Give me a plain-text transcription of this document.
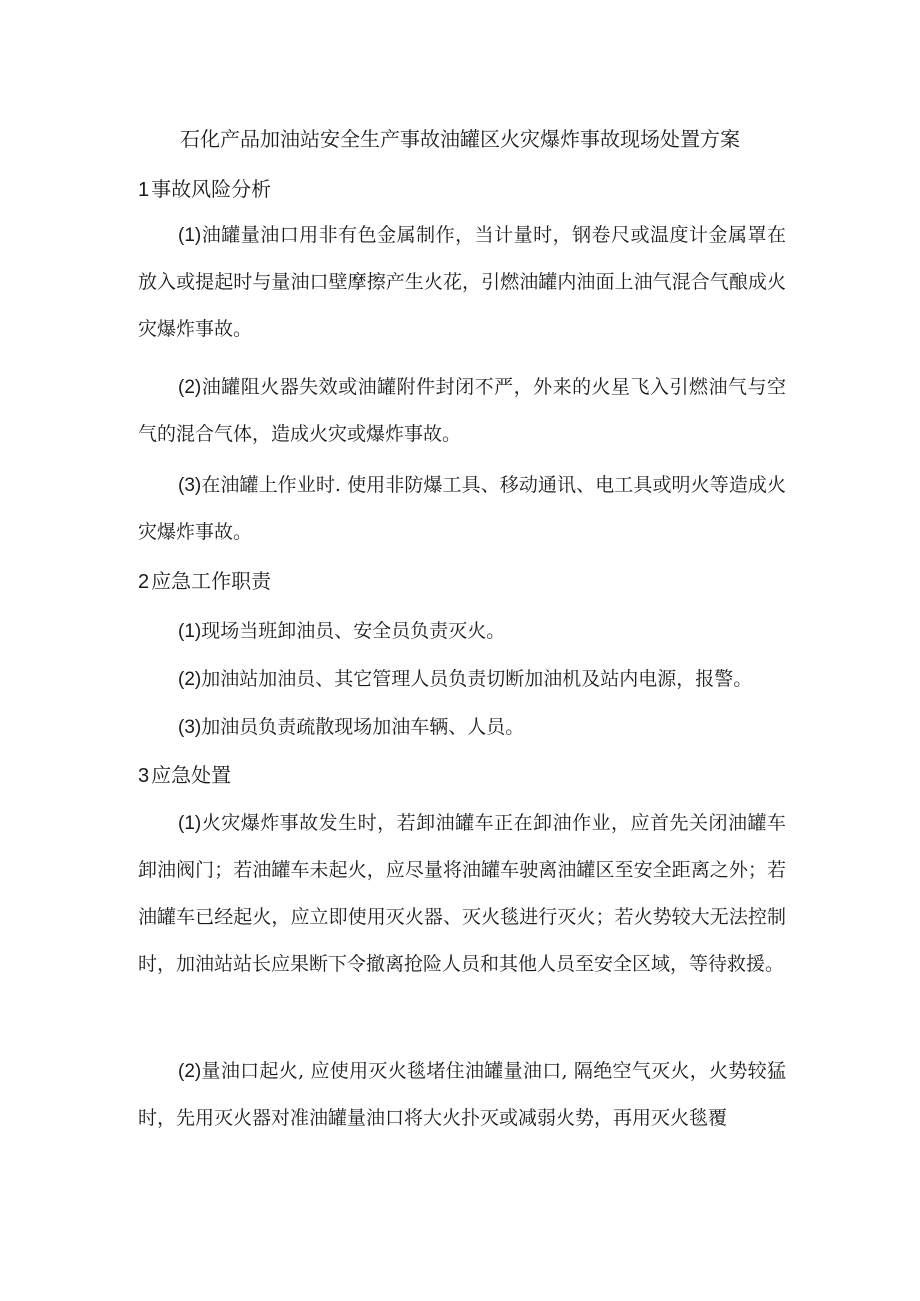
石化产品加油站安全生产事故油罐区火灾爆炸事故现场处置方案
1 事故风险分析

(1)油罐量油口用非有色金属制作，当计量时，钢卷尺或温度计金属罩在放入或提起时与量油口壁摩擦产生火花，引燃油罐内油面上油气混合气酿成火灾爆炸事故。

(2)油罐阻火器失效或油罐附件封闭不严，外来的火星飞入引燃油气与空气的混合气体，造成火灾或爆炸事故。

(3)在油罐上作业时. 使用非防爆工具、移动通讯、电工具或明火等造成火灾爆炸事故。

2 应急工作职责

(1)现场当班卸油员、安全员负责灭火。

(2)加油站加油员、其它管理人员负责切断加油机及站内电源，报警。

(3)加油员负责疏散现场加油车辆、人员。

3 应急处置

(1)火灾爆炸事故发生时，若卸油罐车正在卸油作业，应首先关闭油罐车卸油阀门；若油罐车未起火，应尽量将油罐车驶离油罐区至安全距离之外；若油罐车已经起火，应立即使用灭火器、灭火毯进行灭火；若火势较大无法控制时，加油站站长应果断下令撤离抢险人员和其他人员至安全区域，等待救援。

(2)量油口起火, 应使用灭火毯堵住油罐量油口, 隔绝空气灭火，火势较猛时，先用灭火器对准油罐量油口将大火扑灭或减弱火势，再用灭火毯覆
